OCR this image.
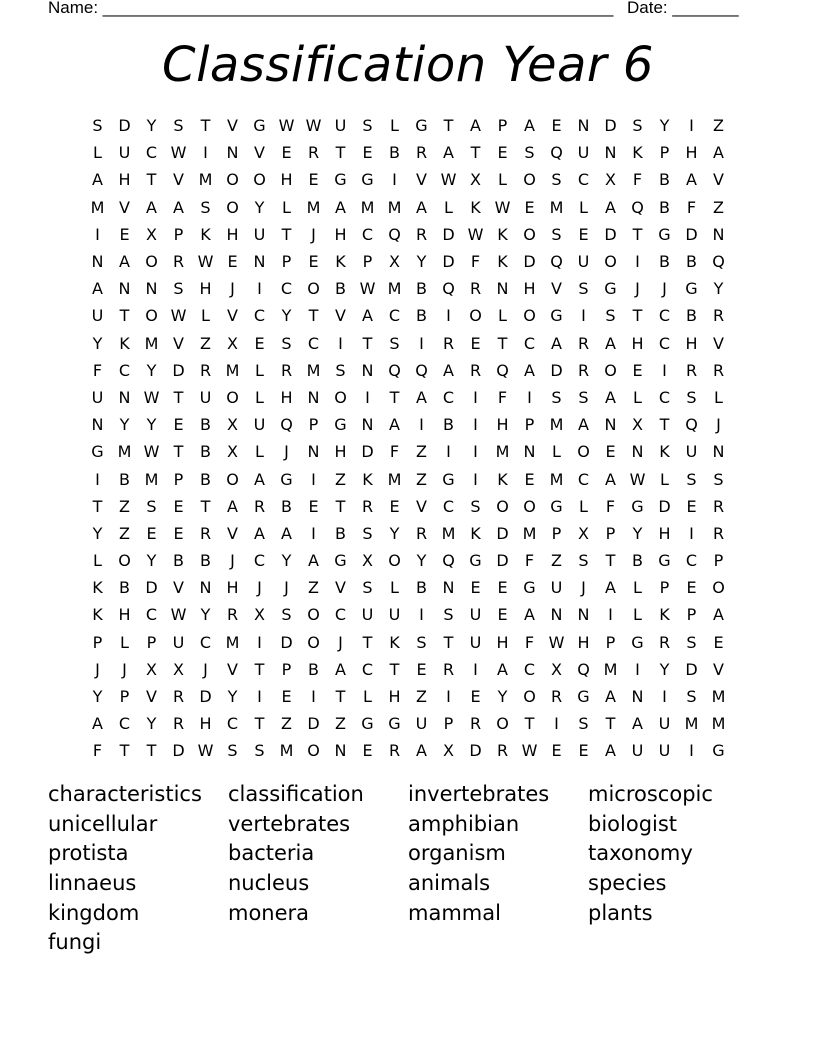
Name: ______________________________________________________ Date: _______
Classification Year 6
S D Y	S	T	V G W W U	S	L	G T	A	P	A	E N D S	Y	I	Z
L	U C W	I	N V	E	R	T	E	B R A	T	E	S Q U N K	P	H A
A H	T	V M O O H E G G	I	V W X	L	O S	C X	F	B	A	V
M V	A	A	S O Y	L M A M M A	L	K W E M L	A Q B	F	Z
I	E	X	P	K H U	T	J	H C Q R D W K O S	E D T G D N
N A O R W E N	P	E	K	P	X	Y D	F	K D Q U O	I	B	B Q
A N N S H	J	I	C O B W M B Q R N H V	S G	J	J	G Y
U	T O W L	V C	Y	T	V	A C B	I	O	L	O G	I	S	T	C B R
Y	K M V	Z	X	E	S	C	I	T	S	I	R	E	T	C A R A H C H V
F	C	Y D R M L	R M S N Q Q A R Q A D R O E	I	R R
U N W T	U O	L	H N O	I	T	A C	I	F	I	S	S	A	L	C	S	L
N	Y	Y	E	B	X U Q P G N A	I	B	I	H	P M A N X	T Q	J
G M W T	B	X	L	J	N H D	F	Z	I	I	M N	L	O E N K U N
I	B M P	B O A G	I	Z	K M Z G	I	K	E M C A W L	S	S
T	Z	S	E	T	A R B	E	T	R	E	V C	S O O G	L	F	G D E	R
Y	Z	E	E	R V	A	A	I	B	S	Y	R M K D M P	X	P	Y	H	I	R
L	O Y	B	B	J	C	Y	A G X O Y Q G D	F	Z	S	T	B G C	P
K	B D V N H	J	J	Z	V	S	L	B N E	E G U	J	A	L	P	E O
K H C W Y	R X	S O C U U	I	S	U	E	A N N	I	L	K	P	A
P	L	P	U C M	I	D O	J	T	K	S	T	U H	F W H	P G R	S	E
J	J	X	X	J	V	T	P	B	A C	T	E	R	I	A C X Q M	I	Y D V
Y	P	V R D Y	I	E	I	T	L	H Z	I	E	Y O R G A N	I	S M
A C	Y	R H C	T	Z D Z G G U	P	R O T	I	S	T	A U M M
F	T	T D W S	S M O N E	R A	X D R W E	E	A U U	I	G
characteristics	classification	invertebrates	microscopic
unicellular	vertebrates	amphibian	biologist
protista	bacteria	organism	taxonomy
linnaeus	nucleus	animals	species
kingdom	monera	mammal	plants
fungi
